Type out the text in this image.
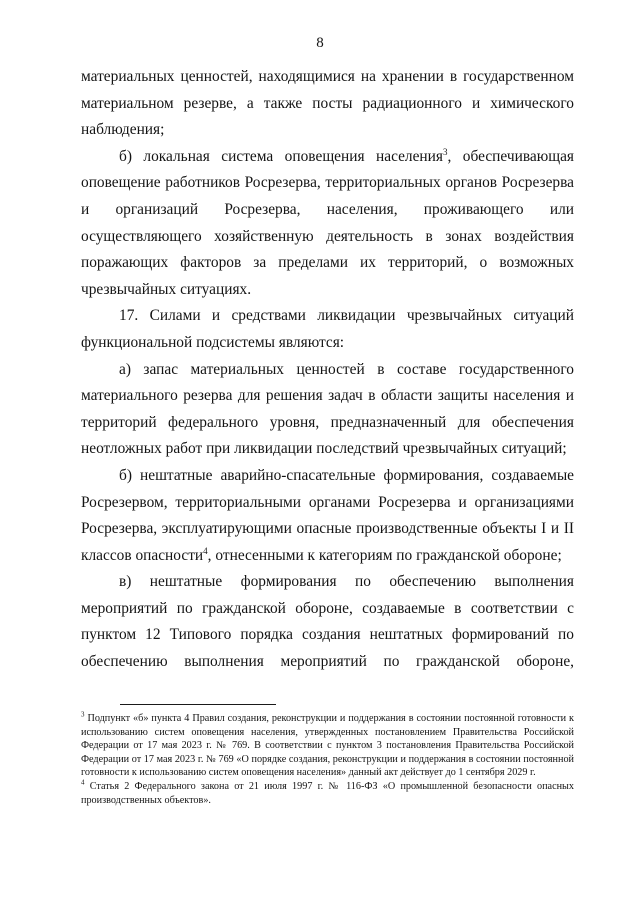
8

материальных ценностей, находящимися на хранении в государственном материальном резерве, а также посты радиационного и химического наблюдения;

б) локальная система оповещения населения$^3$, обеспечивающая оповещение работников Росрезерва, территориальных органов Росрезерва и организаций Росрезерва, населения, проживающего или осуществляющего хозяйственную деятельность в зонах воздействия поражающих факторов за пределами их территорий, о возможных чрезвычайных ситуациях.

17. Силами и средствами ликвидации чрезвычайных ситуаций функциональной подсистемы являются:

а) запас материальных ценностей в составе государственного материального резерва для решения задач в области защиты населения и территорий федерального уровня, предназначенный для обеспечения неотложных работ при ликвидации последствий чрезвычайных ситуаций;

б) нештатные аварийно-спасательные формирования, создаваемые Росрезервом, территориальными органами Росрезерва и организациями Росрезерва, эксплуатирующими опасные производственные объекты I и II классов опасности$^4$, отнесенными к категориям по гражданской обороне;

в) нештатные формирования по обеспечению выполнения мероприятий по гражданской обороне, создаваемые в соответствии с пунктом 12 Типового порядка создания нештатных формирований по обеспечению выполнения мероприятий по гражданской обороне,

$^3$ Подпункт «б» пункта 4 Правил создания, реконструкции и поддержания в состоянии постоянной готовности к использованию систем оповещения населения, утвержденных постановлением Правительства Российской Федерации от 17 мая 2023 г. № 769. В соответствии с пунктом 3 постановления Правительства Российской Федерации от 17 мая 2023 г. № 769 «О порядке создания, реконструкции и поддержания в состоянии постоянной готовности к использованию систем оповещения населения» данный акт действует до 1 сентября 2029 г.

$^4$ Статья 2 Федерального закона от 21 июля 1997 г. № 116-ФЗ «О промышленной безопасности опасных производственных объектов».
